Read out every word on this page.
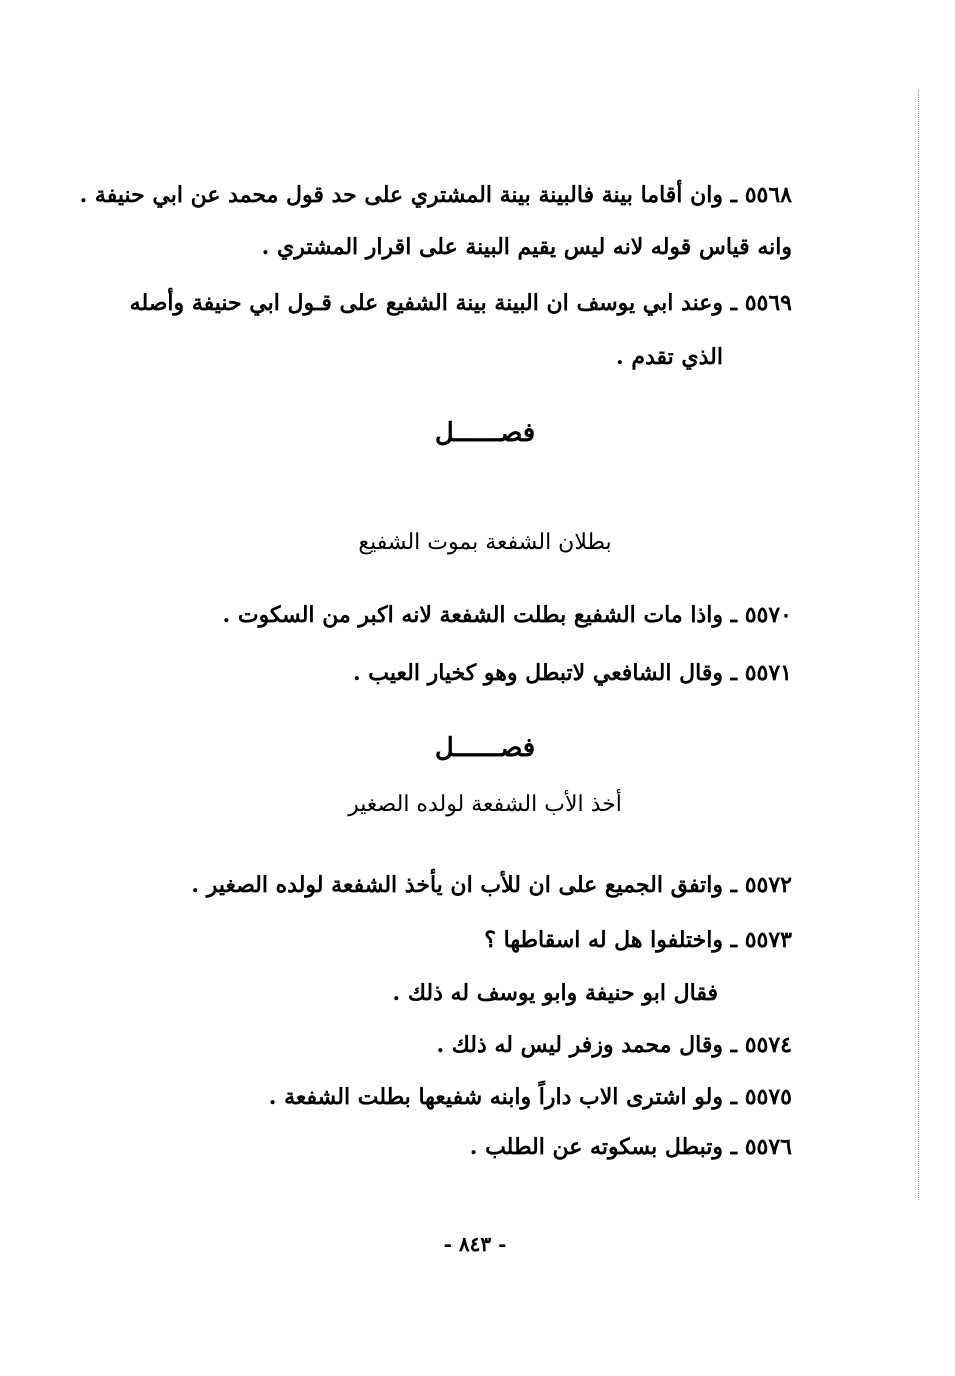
٥٥٦٨ ـ وان أقاما بينة فالبينة بينة المشتري على حد قول محمد عن ابي حنيفة .
وانه قياس قوله لانه ليس يقيم البينة على اقرار المشتري .
٥٥٦٩ ـ وعند ابي يوسف ان البينة بينة الشفيع على قـول ابي حنيفة وأصله
الذي تقدم .
فصــــــل
بطلان الشفعة بموت الشفيع
٥٥٧٠ ـ واذا مات الشفيع بطلت الشفعة لانه اكبر من السكوت .
٥٥٧١ ـ وقال الشافعي لاتبطل وهو كخيار العيب .
فصــــــل
أخذ الأب الشفعة لولده الصغير
٥٥٧٢ ـ واتفق الجميع على ان للأب ان يأخذ الشفعة لولده الصغير .
٥٥٧٣ ـ واختلفوا هل له اسقاطها ؟
فقال ابو حنيفة وابو يوسف له ذلك .
٥٥٧٤ ـ وقال محمد وزفر ليس له ذلك .
٥٥٧٥ ـ ولو اشترى الاب داراً وابنه شفيعها بطلت الشفعة .
٥٥٧٦ ـ وتبطل بسكوته عن الطلب .
- ٨٤٣ -
